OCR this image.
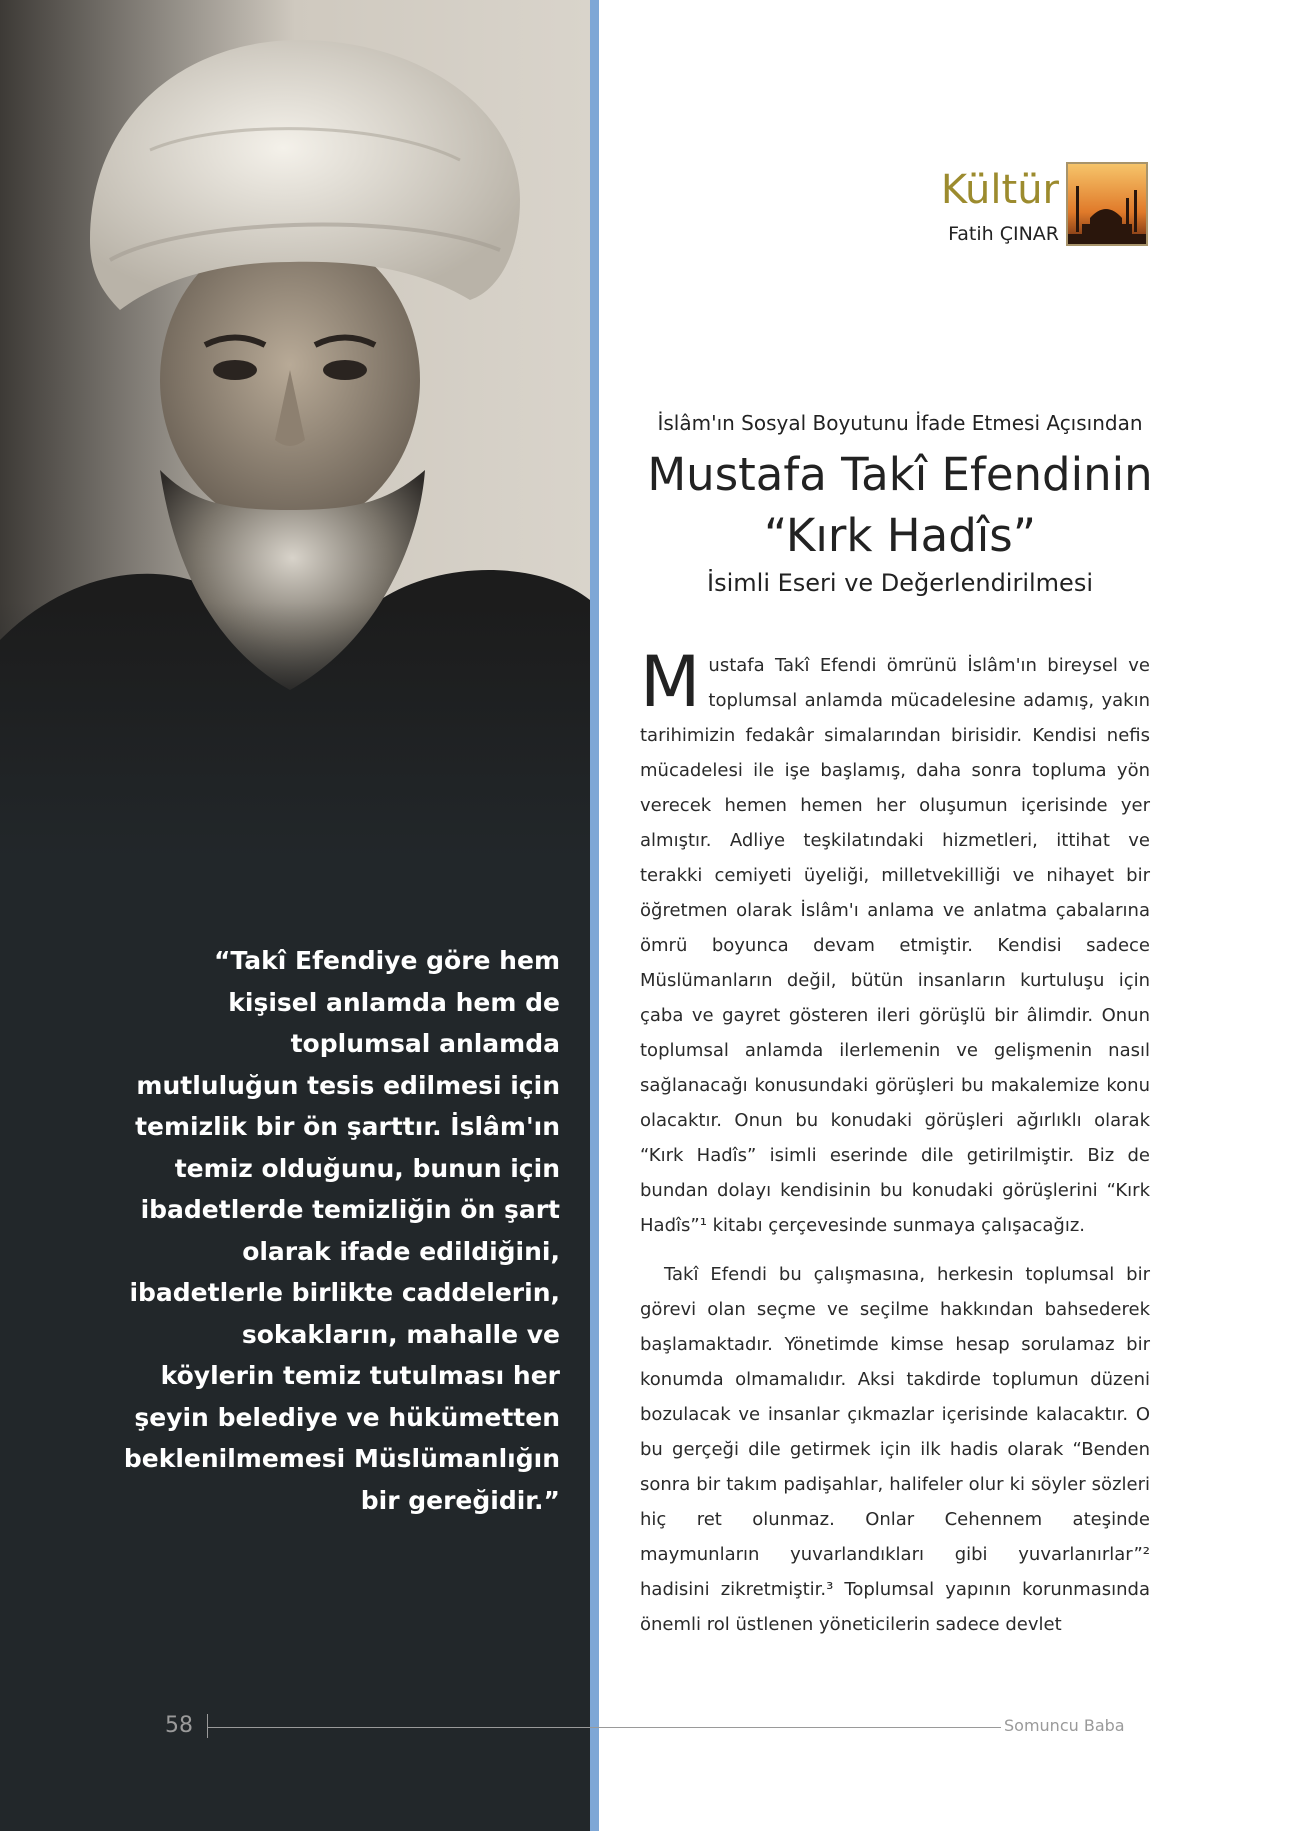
“Takî Efendiye göre hem kişisel anlamda hem de toplumsal anlamda mutluluğun tesis edilmesi için temizlik bir ön şarttır. İslâm'ın temiz olduğunu, bunun için ibadetlerde temizliğin ön şart olarak ifade edildiğini, ibadetlerle birlikte caddelerin, sokakların, mahalle ve köylerin temiz tutulması her şeyin belediye ve hükümetten beklenilmemesi Müslümanlığın bir gereğidir.”

Kültür
Fatih ÇINAR
İslâm'ın Sosyal Boyutunu İfade Etmesi Açısından
Mustafa Takî Efendinin
“Kırk Hadîs”
İsimli Eseri ve Değerlendirilmesi

Mustafa Takî Efendi ömrünü İslâm'ın bireysel ve toplumsal anlamda mücadelesine adamış, yakın tarihimizin fedakâr simalarından birisidir. Kendisi nefis mücadelesi ile işe başlamış, daha sonra topluma yön verecek hemen hemen her oluşumun içerisinde yer almıştır. Adliye teşkilatındaki hizmetleri, ittihat ve terakki cemiyeti üyeliği, milletvekilliği ve nihayet bir öğretmen olarak İslâm'ı anlama ve anlatma çabalarına ömrü boyunca devam etmiştir. Kendisi sadece Müslümanların değil, bütün insanların kurtuluşu için çaba ve gayret gösteren ileri görüşlü bir âlimdir. Onun toplumsal anlamda ilerlemenin ve gelişmenin nasıl sağlanacağı konusundaki görüşleri bu makalemize konu olacaktır. Onun bu konudaki görüşleri ağırlıklı olarak “Kırk Hadîs” isimli eserinde dile getirilmiştir. Biz de bundan dolayı kendisinin bu konudaki görüşlerini “Kırk Hadîs”¹ kitabı çerçevesinde sunmaya çalışacağız.

Takî Efendi bu çalışmasına, herkesin toplumsal bir görevi olan seçme ve seçilme hakkından bahsederek başlamaktadır. Yönetimde kimse hesap sorulamaz bir konumda olmamalıdır. Aksi takdirde toplumun düzeni bozulacak ve insanlar çıkmazlar içerisinde kalacaktır. O bu gerçeği dile getirmek için ilk hadis olarak “Benden sonra bir takım padişahlar, halifeler olur ki söyler sözleri hiç ret olunmaz. Onlar Cehennem ateşinde maymunların yuvarlandıkları gibi yuvarlanırlar”² hadisini zikretmiştir.³ Toplumsal yapının korunmasında önemli rol üstlenen yöneticilerin sadece devlet

58	Somuncu Baba
